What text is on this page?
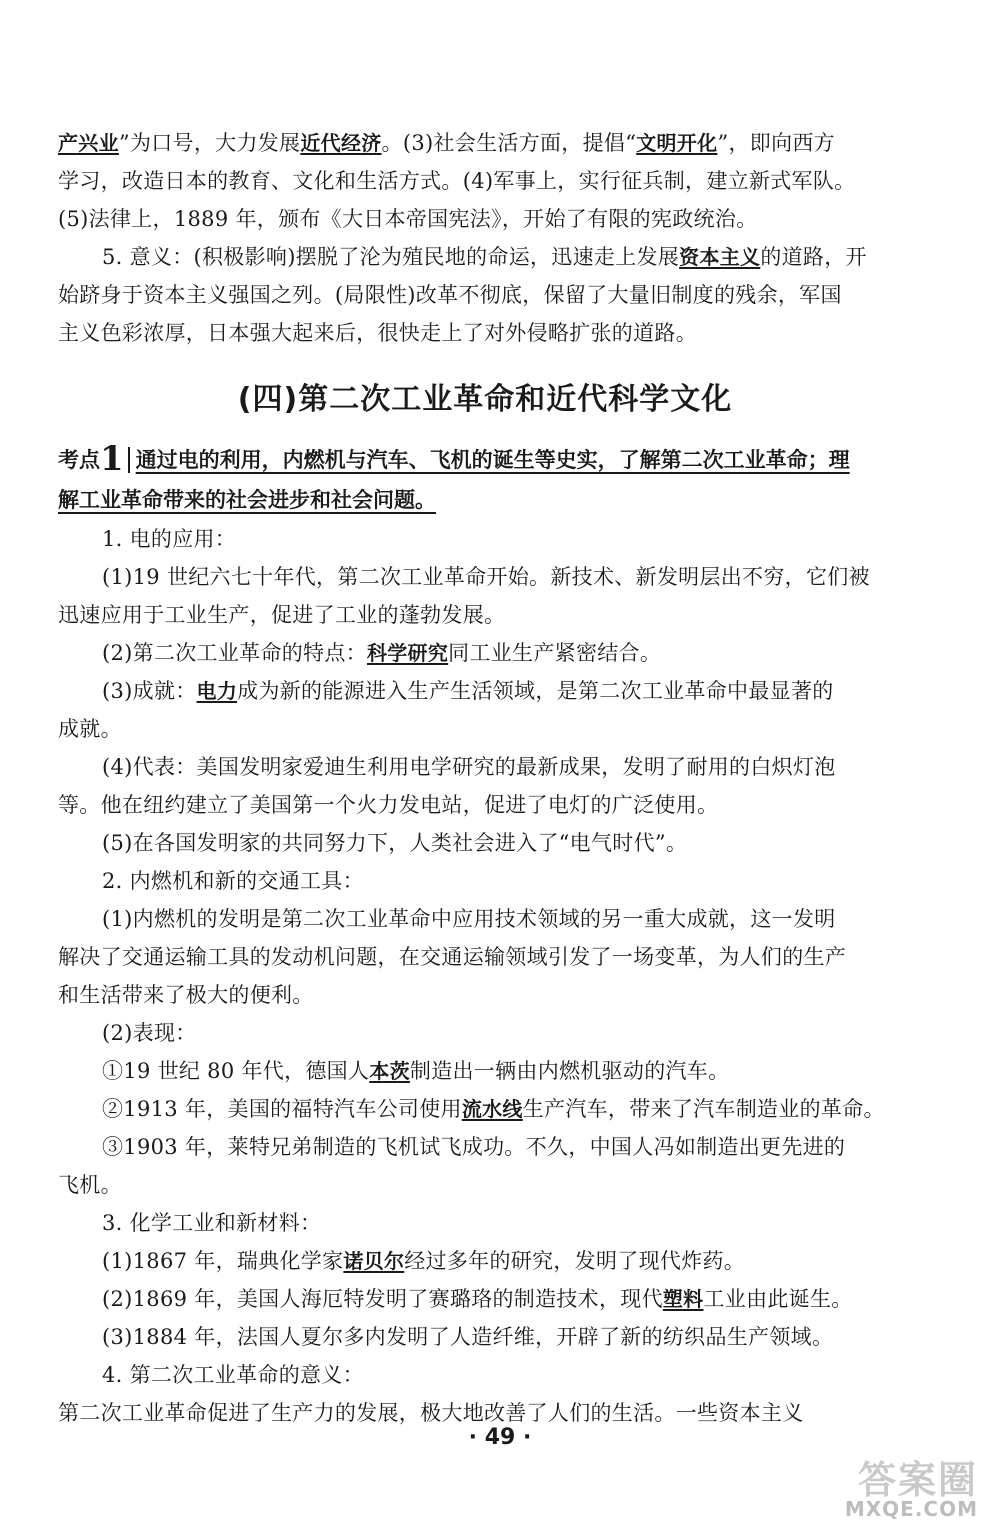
产兴业”为口号，大力发展近代经济。(3)社会生活方面，提倡“文明开化”，即向西方

学习，改造日本的教育、文化和生活方式。(4)军事上，实行征兵制，建立新式军队。

(5)法律上，1889 年，颁布《大日本帝国宪法》，开始了有限的宪政统治。

5. 意义：(积极影响)摆脱了沦为殖民地的命运，迅速走上发展资本主义的道路，开

始跻身于资本主义强国之列。(局限性)改革不彻底，保留了大量旧制度的残余，军国

主义色彩浓厚，日本强大起来后，很快走上了对外侵略扩张的道路。

(四)第二次工业革命和近代科学文化
考点1 通过电的利用，内燃机与汽车、飞机的诞生等史实，了解第二次工业革命；理
解工业革命带来的社会进步和社会问题。

1. 电的应用：

(1)19 世纪六七十年代，第二次工业革命开始。新技术、新发明层出不穷，它们被

迅速应用于工业生产，促进了工业的蓬勃发展。

(2)第二次工业革命的特点：科学研究同工业生产紧密结合。

(3)成就：电力成为新的能源进入生产生活领域，是第二次工业革命中最显著的

成就。

(4)代表：美国发明家爱迪生利用电学研究的最新成果，发明了耐用的白炽灯泡

等。他在纽约建立了美国第一个火力发电站，促进了电灯的广泛使用。

(5)在各国发明家的共同努力下，人类社会进入了“电气时代”。

2. 内燃机和新的交通工具：

(1)内燃机的发明是第二次工业革命中应用技术领域的另一重大成就，这一发明

解决了交通运输工具的发动机问题，在交通运输领域引发了一场变革，为人们的生产

和生活带来了极大的便利。

(2)表现：

①19 世纪 80 年代，德国人本茨制造出一辆由内燃机驱动的汽车。

②1913 年，美国的福特汽车公司使用流水线生产汽车，带来了汽车制造业的革命。

③1903 年，莱特兄弟制造的飞机试飞成功。不久，中国人冯如制造出更先进的

飞机。

3. 化学工业和新材料：

(1)1867 年，瑞典化学家诺贝尔经过多年的研究，发明了现代炸药。

(2)1869 年，美国人海厄特发明了赛璐珞的制造技术，现代塑料工业由此诞生。

(3)1884 年，法国人夏尔多内发明了人造纤维，开辟了新的纺织品生产领域。

4. 第二次工业革命的意义：

第二次工业革命促进了生产力的发展，极大地改善了人们的生活。一些资本主义

· 49 ·
答案圈
MXQE.COM
